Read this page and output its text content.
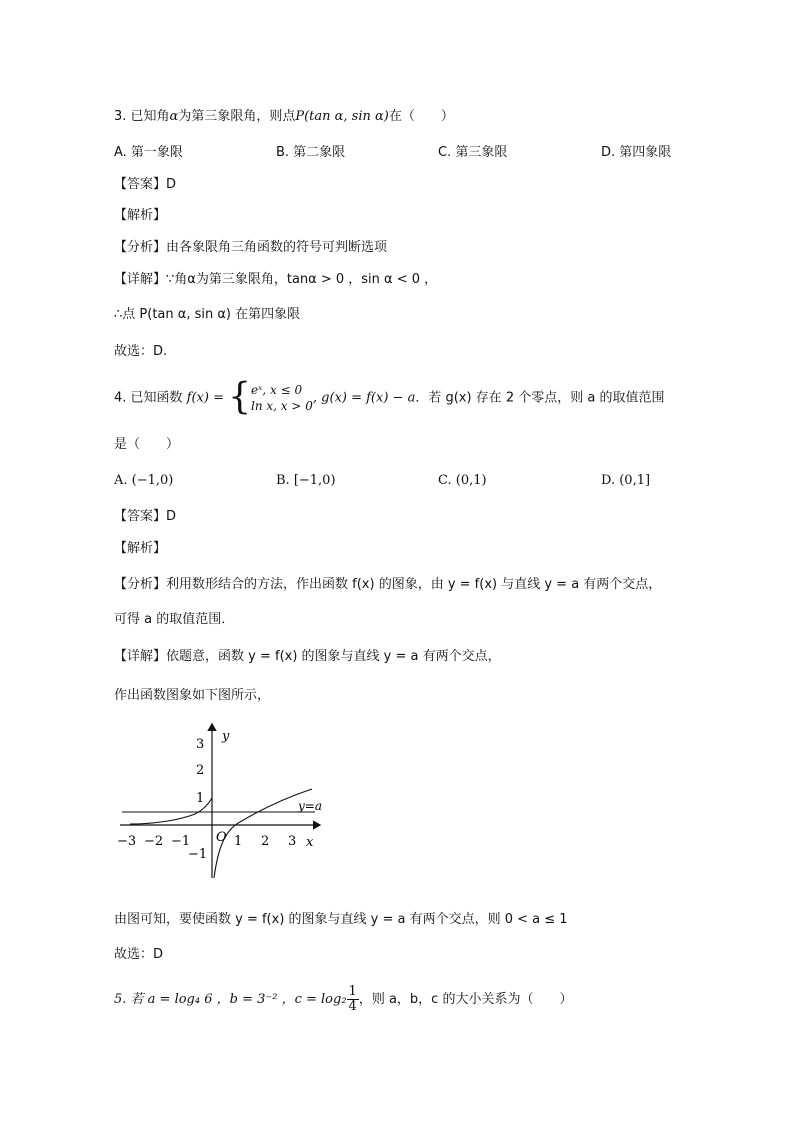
3. 已知角α为第三象限角，则点P(tan α, sin α)在（　　）
A. 第一象限	B. 第二象限	C. 第三象限	D. 第四象限
【答案】D
【解析】
【分析】由各象限角三角函数的符号可判断选项
【详解】∵角α为第三象限角，tanα > 0 ，sin α < 0 ，
∴点 P(tan α, sin α) 在第四象限
故选：D.
4. 已知函数 f(x) = { eˣ, x ≤ 0
ln x, x > 0 , g(x) = f(x) − a．若 g(x) 存在 2 个零点，则 a 的取值范围
是（　　）
A. (−1,0)	B. [−1,0)	C. (0,1)	D. (0,1]
【答案】D
【解析】
【分析】利用数形结合的方法，作出函数 f(x) 的图象，由 y = f(x) 与直线 y = a 有两个交点，
可得 a 的取值范围．
【详解】依题意，函数 y = f(x) 的图象与直线 y = a 有两个交点，
作出函数图象如下图所示，
y
x
O
y=a
−3 −2 −1	1 2 3
3
2
1
−1
由图可知，要使函数 y = f(x) 的图象与直线 y = a 有两个交点，则 0 < a ≤ 1
故选：D
5. 若 a = log₄ 6 ，b = 3⁻² ，$c = \log_2 \frac{1}{4}$ ，则 a，b，c 的大小关系为（　　）
